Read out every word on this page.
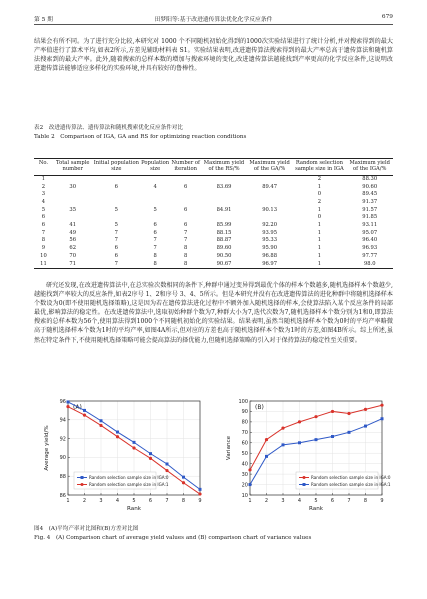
第 5 期	田梦阳等:基于改进遗传算法优化化学反应条件	679

结果会有所不同。为了进行充分比较,本研究对 1000 个不同随机初始化得到的1000次实验结果进行了统计分析,并对搜索得到的最大产率值进行了算术平均,如表2所示,方差见辅助材料表 S1。实验结果表明,改进遗传算法搜索得到的最大产率总高于遗传算法和随机算法搜索到的最大产率。此外,随着搜索的总样本数的增加与搜索环境的变化,改进遗传算法越能找到产率更高的化学反应条件,这说明改进遗传算法能够适应多样化的实验环境,并具有较好的鲁棒性。

表2　改进遗传算法、遗传算法和随机搜索优化反应条件对比
Table 2　Comparison of IGA, GA and RS for optimizing reaction conditions
No.	Total sample number	Initial population size	Population size	Number of iteration	Maximum yield of the RS/%	Maximum yield of the GA/%	Random selection sample size in IGA	Maximum yield of the IGA/%
1							2	88.30
2	30	6	4	6	83.69	89.47	1	90.60
3							0	89.45
4							2	91.37
5	35	5	5	6	84.91	90.13	1	91.57
6							0	91.85
6	41	5	6	6	85.99	92.20	1	93.11
7	49	7	6	7	88.15	93.95	1	95.07
8	56	7	7	7	88.87	95.33	1	96.40
9	62	6	7	8	89.60	95.90	1	96.93
10	70	6	8	8	90.50	96.88	1	97.77
11	71	7	8	8	90.67	96.97	1	98.0

研究还发现,在改进遗传算法中,在总实验次数相同的条件下,种群中通过变异得到最优个体的样本个数越多,随机选择样本个数越少,越能找到产率较大的反应条件,如表2序号 1、2和序号 3、4、5所示。但是本研究并没有在改进遗传算法的进化种群中将随机选择样本个数设为0(即不使用随机选择策略),这是因为若在遗传算法进化过程中不额外加入随机选择的样本,会使算法陷入某个反应条件的局部最优,影响算法的稳定性。在改进遗传算法中,选取初始种群个数为7,种群大小为7,迭代次数为7,随机选择样本个数分别为1和0,即算法搜索的总样本数为56个,使用算法得到1000个不同随机初始化的实验结果。结果表明,虽然当随机选择样本个数为0时的平均产率略微高于随机选择样本个数为1时的平均产率,如图4A所示,但对应的方差也高于随机选择样本个数为1时的方差,如图4B所示。综上所述,虽然在特定条件下,不使用随机选择策略可能会提高算法的择优能力,但随机选择策略的引入对于保持算法的稳定性至关重要。

86
88
90
92
94
96
1	2	3	4	5	6	7	8	9
Rank
Average yield/%
(A)
Random selection sample size in IGA:0
Random selection sample size in IGA:1
10
20
30
40
50
60
70
80
90
100
1	2	3	4	5	6	7	8	9
Rank
Variance
(B)
Random selection sample size in IGA:0
Random selection sample size in IGA:1
图4　(A)平均产率对比图和(B)方差对比图
Fig. 4　(A) Comparison chart of average yield values and (B) comparison chart of variance values
